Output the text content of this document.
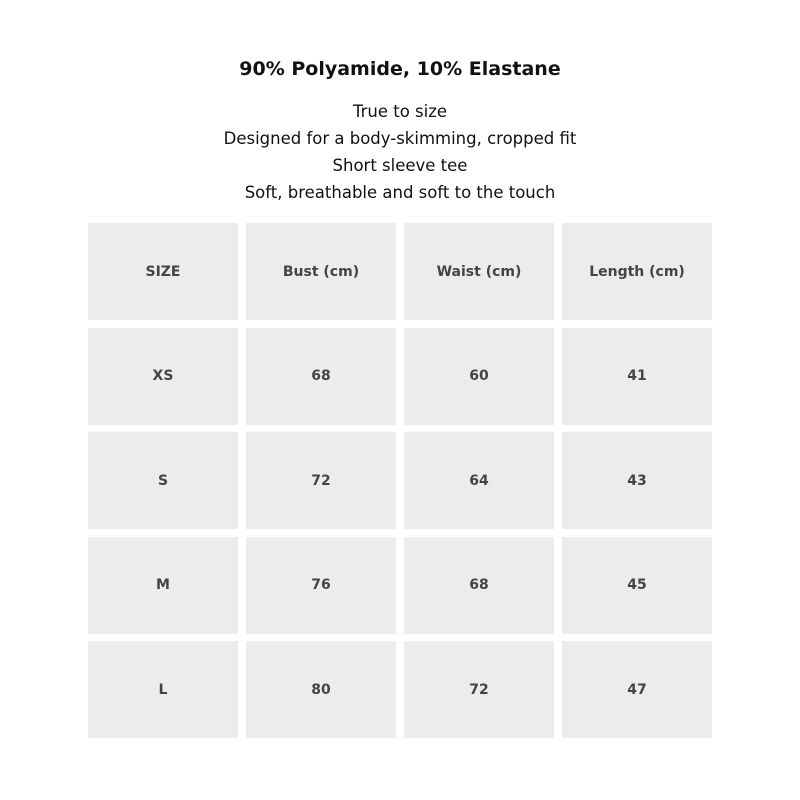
90% Polyamide, 10% Elastane
True to size
Designed for a body-skimming, cropped fit
Short sleeve tee
Soft, breathable and soft to the touch
SIZE	Bust (cm)	Waist (cm)	Length (cm)
XS	68	60	41
S	72	64	43
M	76	68	45
L	80	72	47
